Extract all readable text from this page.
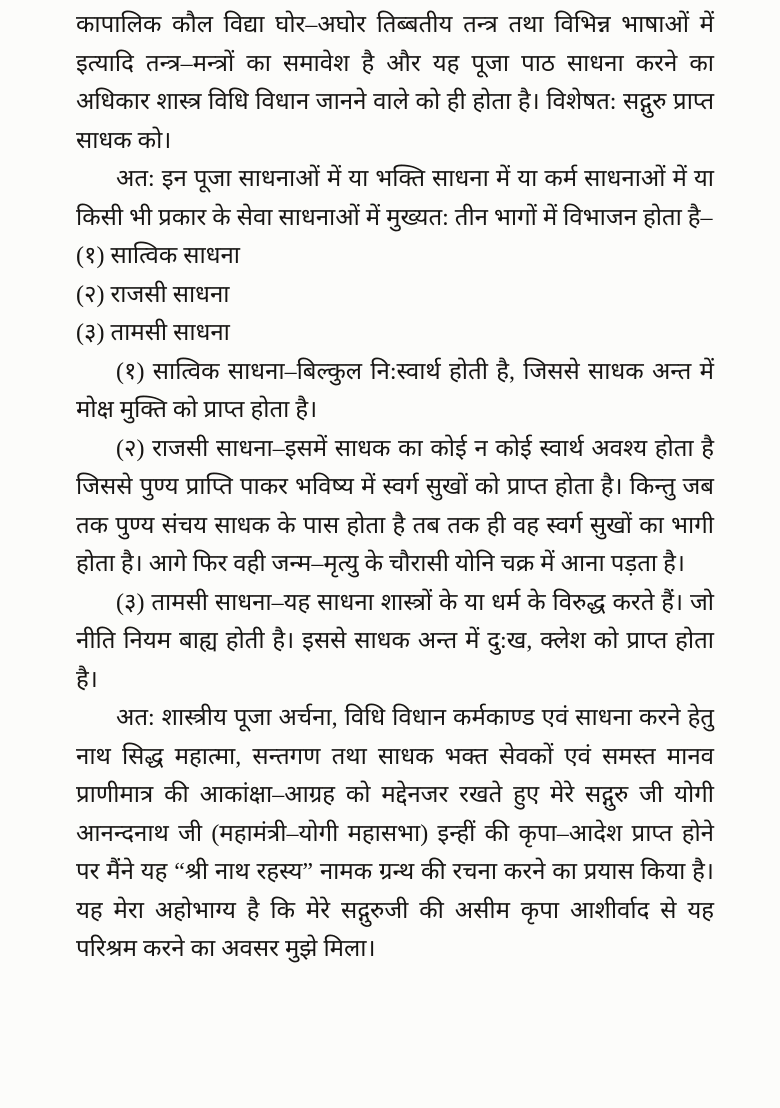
कापालिक कौल विद्या घोर–अघोर तिब्बतीय तन्त्र तथा विभिन्न भाषाओं में इत्यादि तन्त्र–मन्त्रों का समावेश है और यह पूजा पाठ साधना करने का अधिकार शास्त्र विधि विधान जानने वाले को ही होता है। विशेषत: सद्गुरु प्राप्त साधक को।

अत: इन पूजा साधनाओं में या भक्ति साधना में या कर्म साधनाओं में या किसी भी प्रकार के सेवा साधनाओं में मुख्यत: तीन भागों में विभाजन होता है–

(१) सात्विक साधना

(२) राजसी साधना

(३) तामसी साधना

(१) सात्विक साधना–बिल्कुल नि:स्वार्थ होती है, जिससे साधक अन्त में मोक्ष मुक्ति को प्राप्त होता है।

(२) राजसी साधना–इसमें साधक का कोई न कोई स्वार्थ अवश्य होता है जिससे पुण्य प्राप्ति पाकर भविष्य में स्वर्ग सुखों को प्राप्त होता है। किन्तु जब तक पुण्य संचय साधक के पास होता है तब तक ही वह स्वर्ग सुखों का भागी होता है। आगे फिर वही जन्म–मृत्यु के चौरासी योनि चक्र में आना पड़ता है।

(३) तामसी साधना–यह साधना शास्त्रों के या धर्म के विरुद्ध करते हैं। जो नीति नियम बाह्य होती है। इससे साधक अन्त में दु:ख, क्लेश को प्राप्त होता है।

अत: शास्त्रीय पूजा अर्चना, विधि विधान कर्मकाण्ड एवं साधना करने हेतु नाथ सिद्ध महात्मा, सन्तगण तथा साधक भक्त सेवकों एवं समस्त मानव प्राणीमात्र की आकांक्षा–आग्रह को मद्देनजर रखते हुए मेरे सद्गुरु जी योगी आनन्दनाथ जी (महामंत्री–योगी महासभा) इन्हीं की कृपा–आदेश प्राप्त होने पर मैंने यह “श्री नाथ रहस्य” नामक ग्रन्थ की रचना करने का प्रयास किया है। यह मेरा अहोभाग्य है कि मेरे सद्गुरुजी की असीम कृपा आशीर्वाद से यह परिश्रम करने का अवसर मुझे मिला।
